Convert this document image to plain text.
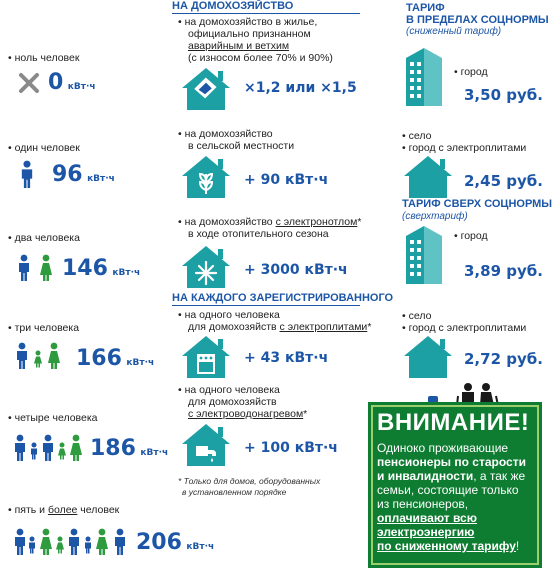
• ноль человек
0 кВт·ч
• один человек
96 кВт·ч
• два человека
146 кВт·ч
• три человека
166 кВт·ч
• четыре человека
186 кВт·ч
• пять и более человек
206 кВт·ч
НА ДОМОХОЗЯЙСТВО
• на домохозяйство в жилье,
официально признанном
аварийным и ветхим
(с износом более 70% и 90%)
×1,2 или ×1,5
• на домохозяйство
в сельской местности
+ 90 кВт·ч
• на домохозяйство с электронотлом*
в ходе отопительного сезона
+ 3000 кВт·ч
НА КАЖДОГО ЗАРЕГИСТРИРОВАННОГО
• на одного человека
для домохозяйств с электроплитами*
+ 43 кВт·ч
• на одного человека
для домохозяйств
с электроводонагревом*
+ 100 кВт·ч
* Только для домов, оборудованных
в установленном порядке
ТАРИФ
В ПРЕДЕЛАХ СОЦНОРМЫ
(сниженный тариф)
• город
3,50 руб.
• село
• город с электроплитами
2,45 руб.
ТАРИФ СВЕРХ СОЦНОРМЫ
(сверхтариф)
• город
3,89 руб.
• село
• город с электроплитами
2,72 руб.
ВНИМАНИЕ!
Одиноко проживающие
пенсионеры по старости
и инвалидности, а так же
семьи, состоящие только
из пенсионеров,
оплачивают всю
электроэнергию
по сниженному тарифу!
